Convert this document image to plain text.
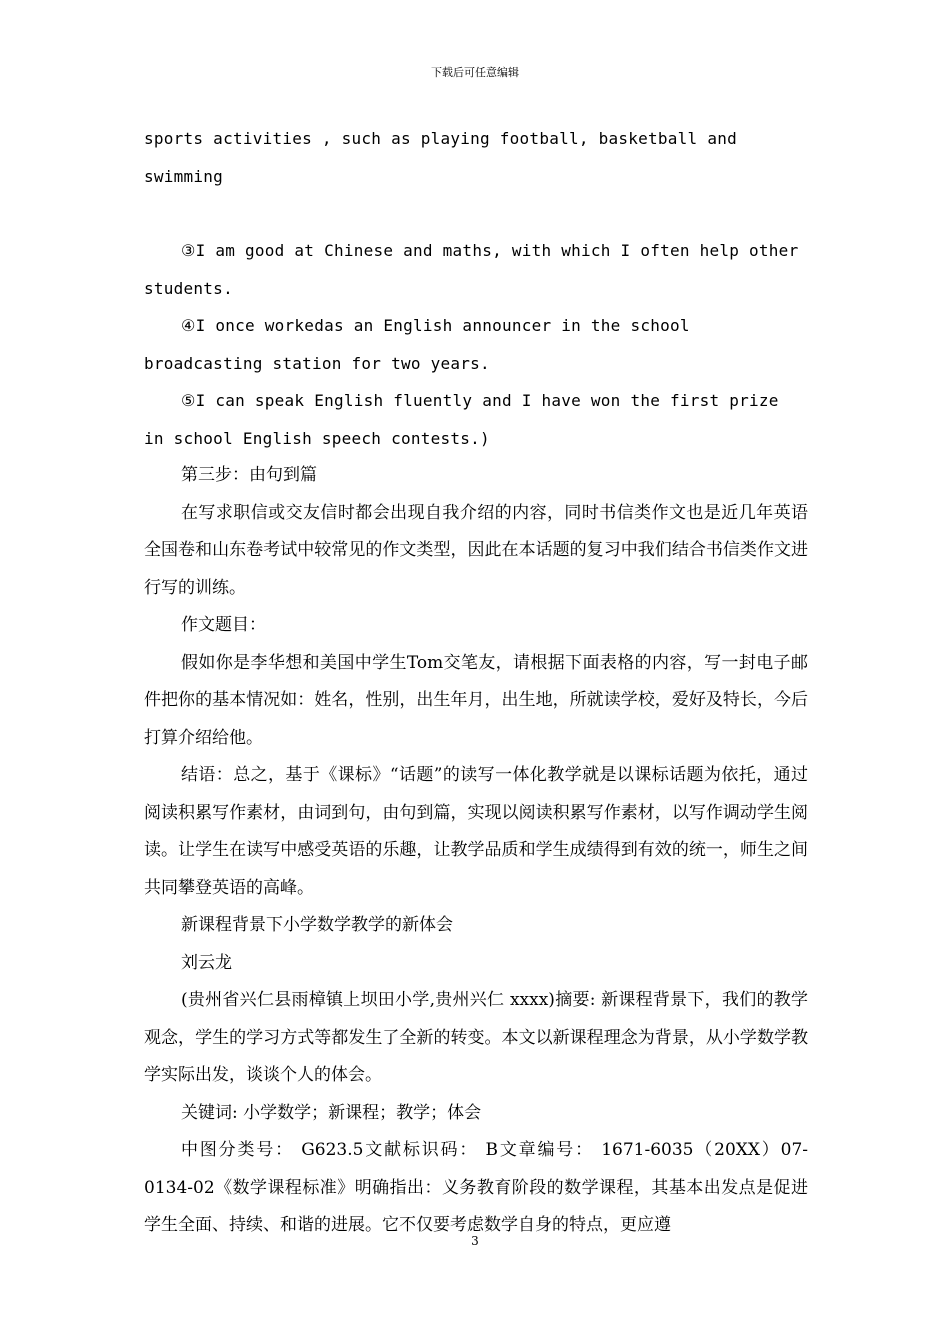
下载后可任意编辑

sports activities , such as playing football, basketball and swimming

③I am good at Chinese and maths, with which I often help other students.

④I once workedas an English announcer in the school broadcasting station for two years.

⑤I can speak English fluently and I have won the first prize in school English speech contests.)

第三步：由句到篇

在写求职信或交友信时都会出现自我介绍的内容，同时书信类作文也是近几年英语全国卷和山东卷考试中较常见的作文类型，因此在本话题的复习中我们结合书信类作文进行写的训练。

作文题目：

假如你是李华想和美国中学生Tom交笔友，请根据下面表格的内容，写一封电子邮件把你的基本情况如：姓名，性别，出生年月，出生地，所就读学校，爱好及特长，今后打算介绍给他。

结语：总之，基于《课标》“话题”的读写一体化教学就是以课标话题为依托，通过阅读积累写作素材，由词到句，由句到篇，实现以阅读积累写作素材，以写作调动学生阅读。让学生在读写中感受英语的乐趣，让教学品质和学生成绩得到有效的统一，师生之间共同攀登英语的高峰。

新课程背景下小学数学教学的新体会

刘云龙

(贵州省兴仁县雨樟镇上坝田小学,贵州兴仁 xxxx)摘要: 新课程背景下，我们的教学观念，学生的学习方式等都发生了全新的转变。本文以新课程理念为背景，从小学数学教学实际出发，谈谈个人的体会。

关键词: 小学数学；新课程；教学；体会

中图分类号： G623.5文献标识码： B文章编号： 1671-6035（20XX）07-0134-02《数学课程标准》明确指出：义务教育阶段的数学课程，其基本出发点是促进学生全面、持续、和谐的进展。它不仅要考虑数学自身的特点，更应遵

3
